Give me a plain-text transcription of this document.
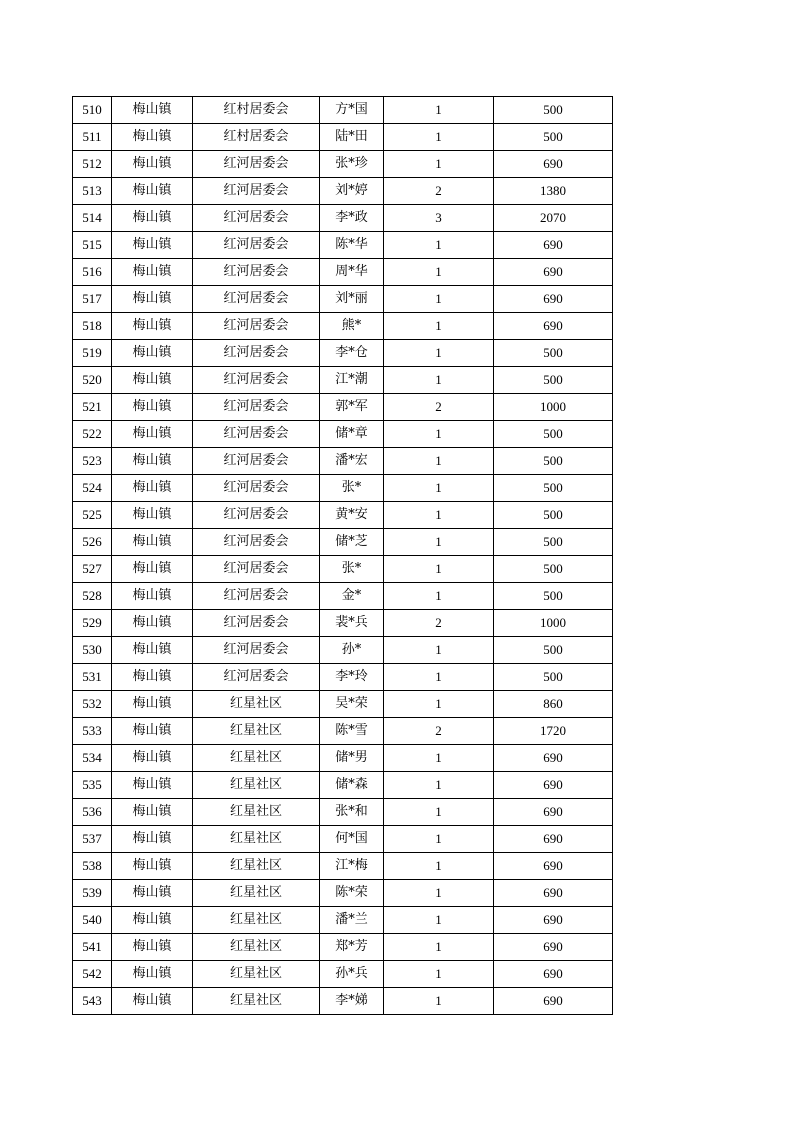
510	梅山镇	红村居委会	方*国	1	500
511	梅山镇	红村居委会	陆*田	1	500
512	梅山镇	红河居委会	张*珍	1	690
513	梅山镇	红河居委会	刘*婷	2	1380
514	梅山镇	红河居委会	李*政	3	2070
515	梅山镇	红河居委会	陈*华	1	690
516	梅山镇	红河居委会	周*华	1	690
517	梅山镇	红河居委会	刘*丽	1	690
518	梅山镇	红河居委会	熊*	1	690
519	梅山镇	红河居委会	李*仓	1	500
520	梅山镇	红河居委会	江*潮	1	500
521	梅山镇	红河居委会	郭*军	2	1000
522	梅山镇	红河居委会	储*章	1	500
523	梅山镇	红河居委会	潘*宏	1	500
524	梅山镇	红河居委会	张*	1	500
525	梅山镇	红河居委会	黄*安	1	500
526	梅山镇	红河居委会	储*芝	1	500
527	梅山镇	红河居委会	张*	1	500
528	梅山镇	红河居委会	金*	1	500
529	梅山镇	红河居委会	裴*兵	2	1000
530	梅山镇	红河居委会	孙*	1	500
531	梅山镇	红河居委会	李*玲	1	500
532	梅山镇	红星社区	吴*荣	1	860
533	梅山镇	红星社区	陈*雪	2	1720
534	梅山镇	红星社区	储*男	1	690
535	梅山镇	红星社区	储*森	1	690
536	梅山镇	红星社区	张*和	1	690
537	梅山镇	红星社区	何*国	1	690
538	梅山镇	红星社区	江*梅	1	690
539	梅山镇	红星社区	陈*荣	1	690
540	梅山镇	红星社区	潘*兰	1	690
541	梅山镇	红星社区	郑*芳	1	690
542	梅山镇	红星社区	孙*兵	1	690
543	梅山镇	红星社区	李*娣	1	690
